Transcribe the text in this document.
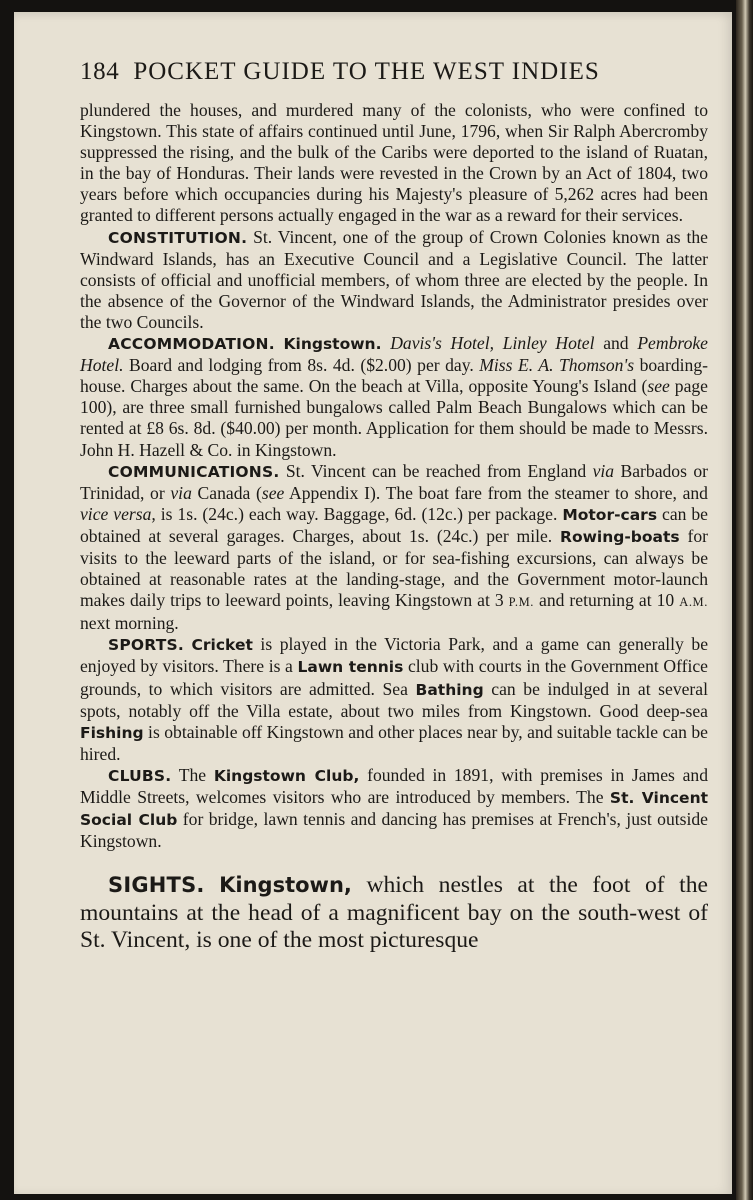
184 POCKET GUIDE TO THE WEST INDIES

plundered the houses, and murdered many of the colonists, who were confined to Kingstown. This state of affairs continued until June, 1796, when Sir Ralph Abercromby suppressed the rising, and the bulk of the Caribs were deported to the island of Ruatan, in the bay of Honduras. Their lands were revested in the Crown by an Act of 1804, two years before which occupancies during his Majesty's pleasure of 5,262 acres had been granted to different persons actually engaged in the war as a reward for their services.

CONSTITUTION. St. Vincent, one of the group of Crown Colonies known as the Windward Islands, has an Executive Council and a Legislative Council. The latter consists of official and unofficial members, of whom three are elected by the people. In the absence of the Governor of the Windward Islands, the Administrator presides over the two Councils.

ACCOMMODATION. Kingstown. Davis's Hotel, Linley Hotel and Pembroke Hotel. Board and lodging from 8s. 4d. ($2.00) per day. Miss E. A. Thomson's boarding-house. Charges about the same. On the beach at Villa, opposite Young's Island (see page 100), are three small furnished bungalows called Palm Beach Bungalows which can be rented at £8 6s. 8d. ($40.00) per month. Application for them should be made to Messrs. John H. Hazell & Co. in Kingstown.

COMMUNICATIONS. St. Vincent can be reached from England via Barbados or Trinidad, or via Canada (see Appendix I). The boat fare from the steamer to shore, and vice versa, is 1s. (24c.) each way. Baggage, 6d. (12c.) per package. Motor-cars can be obtained at several garages. Charges, about 1s. (24c.) per mile. Rowing-boats for visits to the leeward parts of the island, or for sea-fishing excursions, can always be obtained at reasonable rates at the landing-stage, and the Government motor-launch makes daily trips to leeward points, leaving Kingstown at 3 P.M. and returning at 10 A.M. next morning.

SPORTS. Cricket is played in the Victoria Park, and a game can generally be enjoyed by visitors. There is a Lawn tennis club with courts in the Government Office grounds, to which visitors are admitted. Sea Bathing can be indulged in at several spots, notably off the Villa estate, about two miles from Kingstown. Good deep-sea Fishing is obtainable off Kingstown and other places near by, and suitable tackle can be hired.

CLUBS. The Kingstown Club, founded in 1891, with premises in James and Middle Streets, welcomes visitors who are introduced by members. The St. Vincent Social Club for bridge, lawn tennis and dancing has premises at French's, just outside Kingstown.

SIGHTS. Kingstown, which nestles at the foot of the mountains at the head of a magnificent bay on the south-west of St. Vincent, is one of the most picturesque
